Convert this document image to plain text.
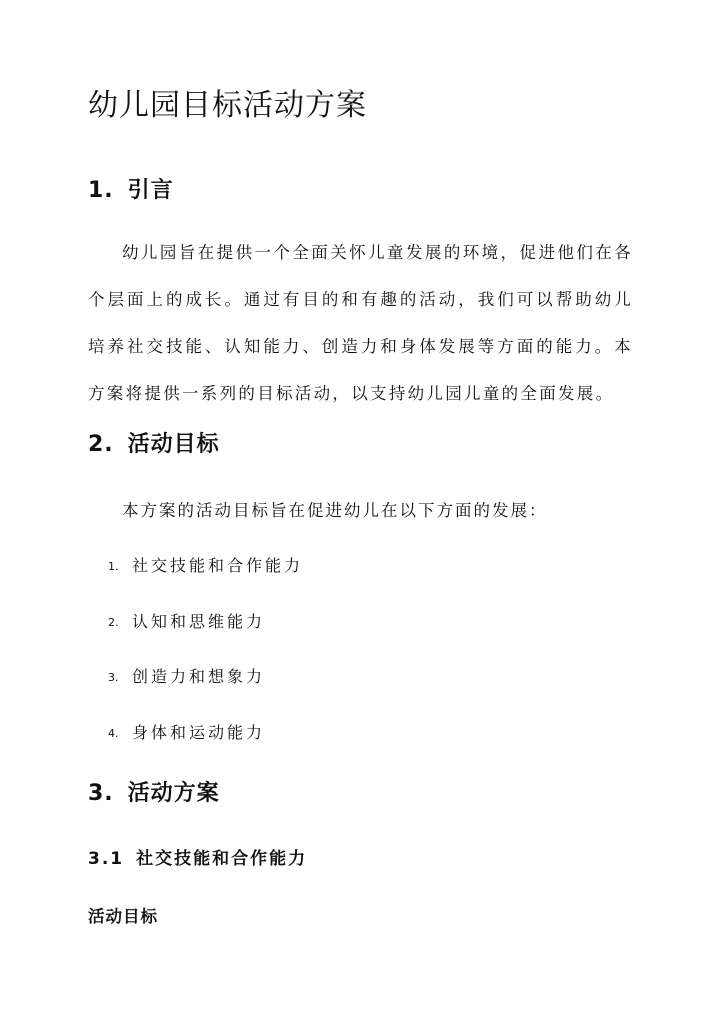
幼儿园目标活动方案
1. 引言

幼儿园旨在提供一个全面关怀儿童发展的环境，促进他们在各个层面上的成长。通过有目的和有趣的活动，我们可以帮助幼儿培养社交技能、认知能力、创造力和身体发展等方面的能力。本方案将提供一系列的目标活动，以支持幼儿园儿童的全面发展。

2. 活动目标

本方案的活动目标旨在促进幼儿在以下方面的发展：

1. 社交技能和合作能力

2. 认知和思维能力

3. 创造力和想象力

4. 身体和运动能力

3. 活动方案
3.1 社交技能和合作能力
活动目标
